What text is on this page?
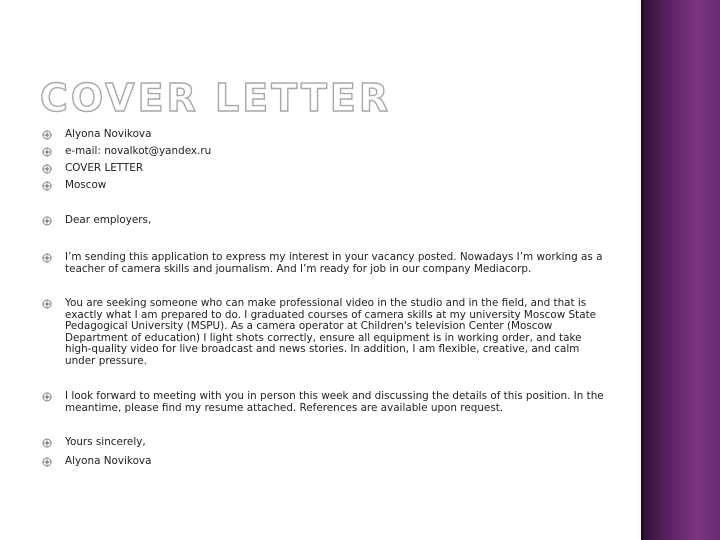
COVER LETTER
Alyona Novikova
e-mail: novalkot@yandex.ru
COVER LETTER
Moscow
Dear employers,
I’m sending this application to express my interest in your vacancy posted. Nowadays I’m working as a teacher of camera skills and journalism. And I’m ready for job in our company Mediacorp.
You are seeking someone who can make professional video in the studio and in the field, and that is exactly what I am prepared to do. I graduated courses of camera skills at my university Moscow State Pedagogical University (MSPU). As a camera operator at Children's television Center (Moscow Department of education) I light shots correctly, ensure all equipment is in working order, and take high-quality video for live broadcast and news stories. In addition, I am flexible, creative, and calm under pressure.
I look forward to meeting with you in person this week and discussing the details of this position. In the meantime, please find my resume attached. References are available upon request.
Yours sincerely,
Alyona Novikova
